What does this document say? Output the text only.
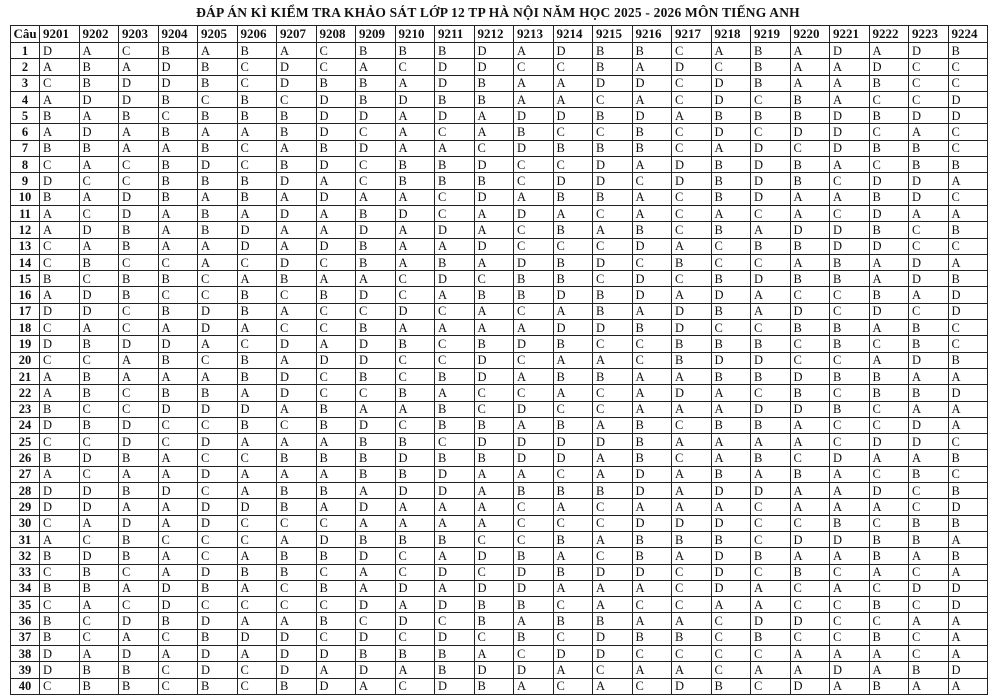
ĐÁP ÁN KÌ KIỂM TRA KHẢO SÁT LỚP 12 TP HÀ NỘI NĂM HỌC 2025 - 2026 MÔN TIẾNG ANH
Câu	9201	9202	9203	9204	9205	9206	9207	9208	9209	9210	9211	9212	9213	9214	9215	9216	9217	9218	9219	9220	9221	9222	9223	9224
1	D	A	C	B	A	B	A	C	B	B	B	D	A	D	B	B	C	A	B	A	D	A	D	B
2	A	B	A	D	B	C	D	C	A	C	D	D	C	C	B	A	D	C	B	A	A	D	C	C
3	C	B	D	D	B	C	D	B	B	A	D	B	A	A	D	D	C	D	B	A	A	B	C	C
4	A	D	D	B	C	B	C	D	B	D	B	B	A	A	C	A	C	D	C	B	A	C	C	D
5	B	A	B	C	B	B	B	D	D	A	D	A	D	D	B	D	A	B	B	B	D	B	D	D
6	A	D	A	B	A	A	B	D	C	A	C	A	B	C	C	B	C	D	C	D	D	C	A	C
7	B	B	A	A	B	C	A	B	D	A	A	C	D	B	B	B	C	A	D	C	D	B	B	C
8	C	A	C	B	D	C	B	D	C	B	B	D	C	C	D	A	D	B	D	B	A	C	B	B
9	D	C	C	B	B	B	D	A	C	B	B	B	C	D	D	C	D	B	D	B	C	D	D	A
10	B	A	D	B	A	B	A	D	A	A	C	D	A	B	B	A	C	B	D	A	A	B	D	C
11	A	C	D	A	B	A	D	A	B	D	C	A	D	A	C	A	C	A	C	A	C	D	A	A
12	A	D	B	A	B	D	A	A	D	A	D	A	C	B	A	B	C	B	A	D	D	B	C	B
13	C	A	B	A	A	D	A	D	B	A	A	D	C	C	C	D	A	C	B	B	D	D	C	C
14	C	B	C	C	A	C	D	C	B	A	B	A	D	B	D	C	B	C	C	A	B	A	D	A
15	B	C	B	B	C	A	B	A	A	C	D	C	B	B	C	D	C	B	D	B	B	A	D	B
16	A	D	B	C	C	B	C	B	D	C	A	B	B	D	B	D	A	D	A	C	C	B	A	D
17	D	D	C	B	D	B	A	C	C	D	C	A	C	A	B	A	D	B	A	D	C	D	C	D
18	C	A	C	A	D	A	C	C	B	A	A	A	A	D	D	B	D	C	C	B	B	A	B	C
19	D	B	D	D	A	C	D	A	D	B	C	B	D	B	C	C	B	B	B	C	B	C	B	C
20	C	C	A	B	C	B	A	D	D	C	C	D	C	A	A	C	B	D	D	C	C	A	D	B
21	A	B	A	A	A	B	D	C	B	C	B	D	A	B	B	A	A	B	B	D	B	B	A	A
22	A	B	C	B	B	A	D	C	C	B	A	C	C	A	C	A	D	A	C	B	C	B	B	D
23	B	C	C	D	D	D	A	B	A	A	B	C	D	C	C	A	A	A	D	D	B	C	A	A
24	D	B	D	C	C	B	C	B	D	C	B	B	A	B	A	B	C	B	B	A	C	C	D	A
25	C	C	D	C	D	A	A	A	B	B	C	D	D	D	D	B	A	A	A	A	C	D	D	C
26	B	D	B	A	C	C	B	B	B	D	B	B	D	D	A	B	C	A	B	C	D	A	A	B
27	A	C	A	A	D	A	A	A	B	B	D	A	A	C	A	D	A	B	A	B	A	C	B	C
28	D	D	B	D	C	A	B	B	A	D	D	A	B	B	B	D	A	D	D	A	A	D	C	B
29	D	D	A	A	D	D	B	A	D	A	A	A	C	A	C	A	A	A	C	A	A	A	C	D
30	C	A	D	A	D	C	C	C	A	A	A	A	C	C	C	D	D	D	C	C	B	C	B	B
31	A	C	B	C	C	C	A	D	B	B	B	C	C	B	A	B	B	B	C	D	D	B	B	A
32	B	D	B	A	C	A	B	B	D	C	A	D	B	A	C	B	A	D	B	A	A	B	A	B
33	C	B	C	A	D	B	B	C	A	C	D	C	D	B	D	D	C	D	C	B	C	A	C	A
34	B	B	A	D	B	A	C	B	A	D	A	D	D	A	A	A	C	D	A	C	A	C	D	D
35	C	A	C	D	C	C	C	C	D	A	D	B	B	C	A	C	C	A	A	C	C	B	C	D
36	B	C	D	B	D	A	A	B	C	D	C	B	A	B	B	A	A	C	D	D	C	C	A	A
37	B	C	A	C	B	D	D	C	D	C	D	C	B	C	D	B	B	C	B	C	C	B	C	A
38	D	A	D	A	D	A	D	D	B	B	B	A	C	D	D	C	C	C	C	A	A	A	C	A
39	D	B	B	C	D	C	D	A	D	A	B	D	D	A	C	A	A	C	A	A	D	A	B	D
40	C	B	B	C	B	C	B	D	A	C	D	B	A	C	A	C	D	B	C	D	A	B	A	A
